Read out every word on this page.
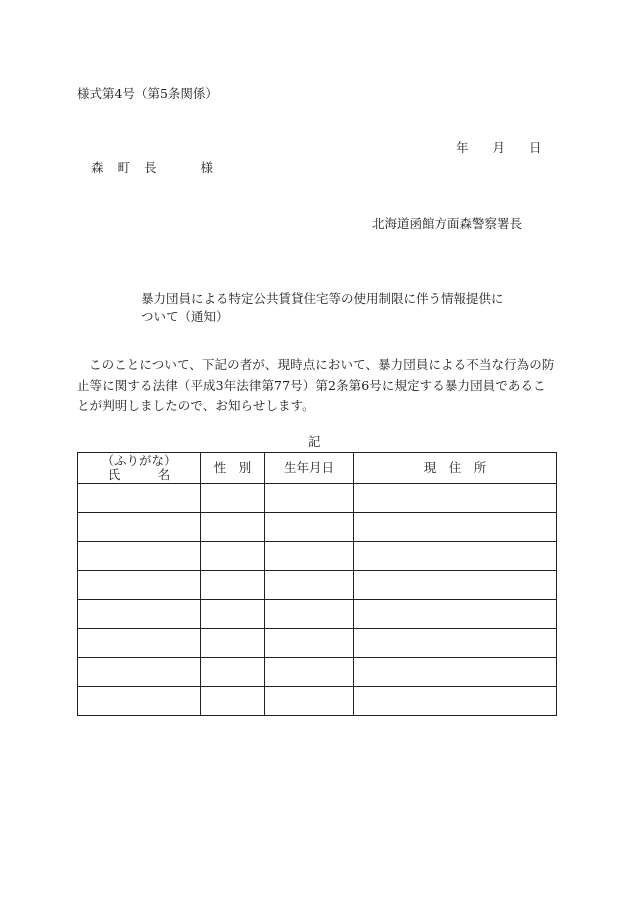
様式第4号（第5条関係）
年 月 日
森 町 長	様
北海道函館方面森警察署長
暴力団員による特定公共賃貸住宅等の使用制限に伴う情報提供に
ついて（通知）
このことについて、下記の者が、現時点において、暴力団員による不当な行為の防止等に関する法律（平成3年法律第77号）第2条第6号に規定する暴力団員であることが判明しましたので、お知らせします。
記
（ふりがな）
氏　　　名	性　別	生年月日	現　住　所
